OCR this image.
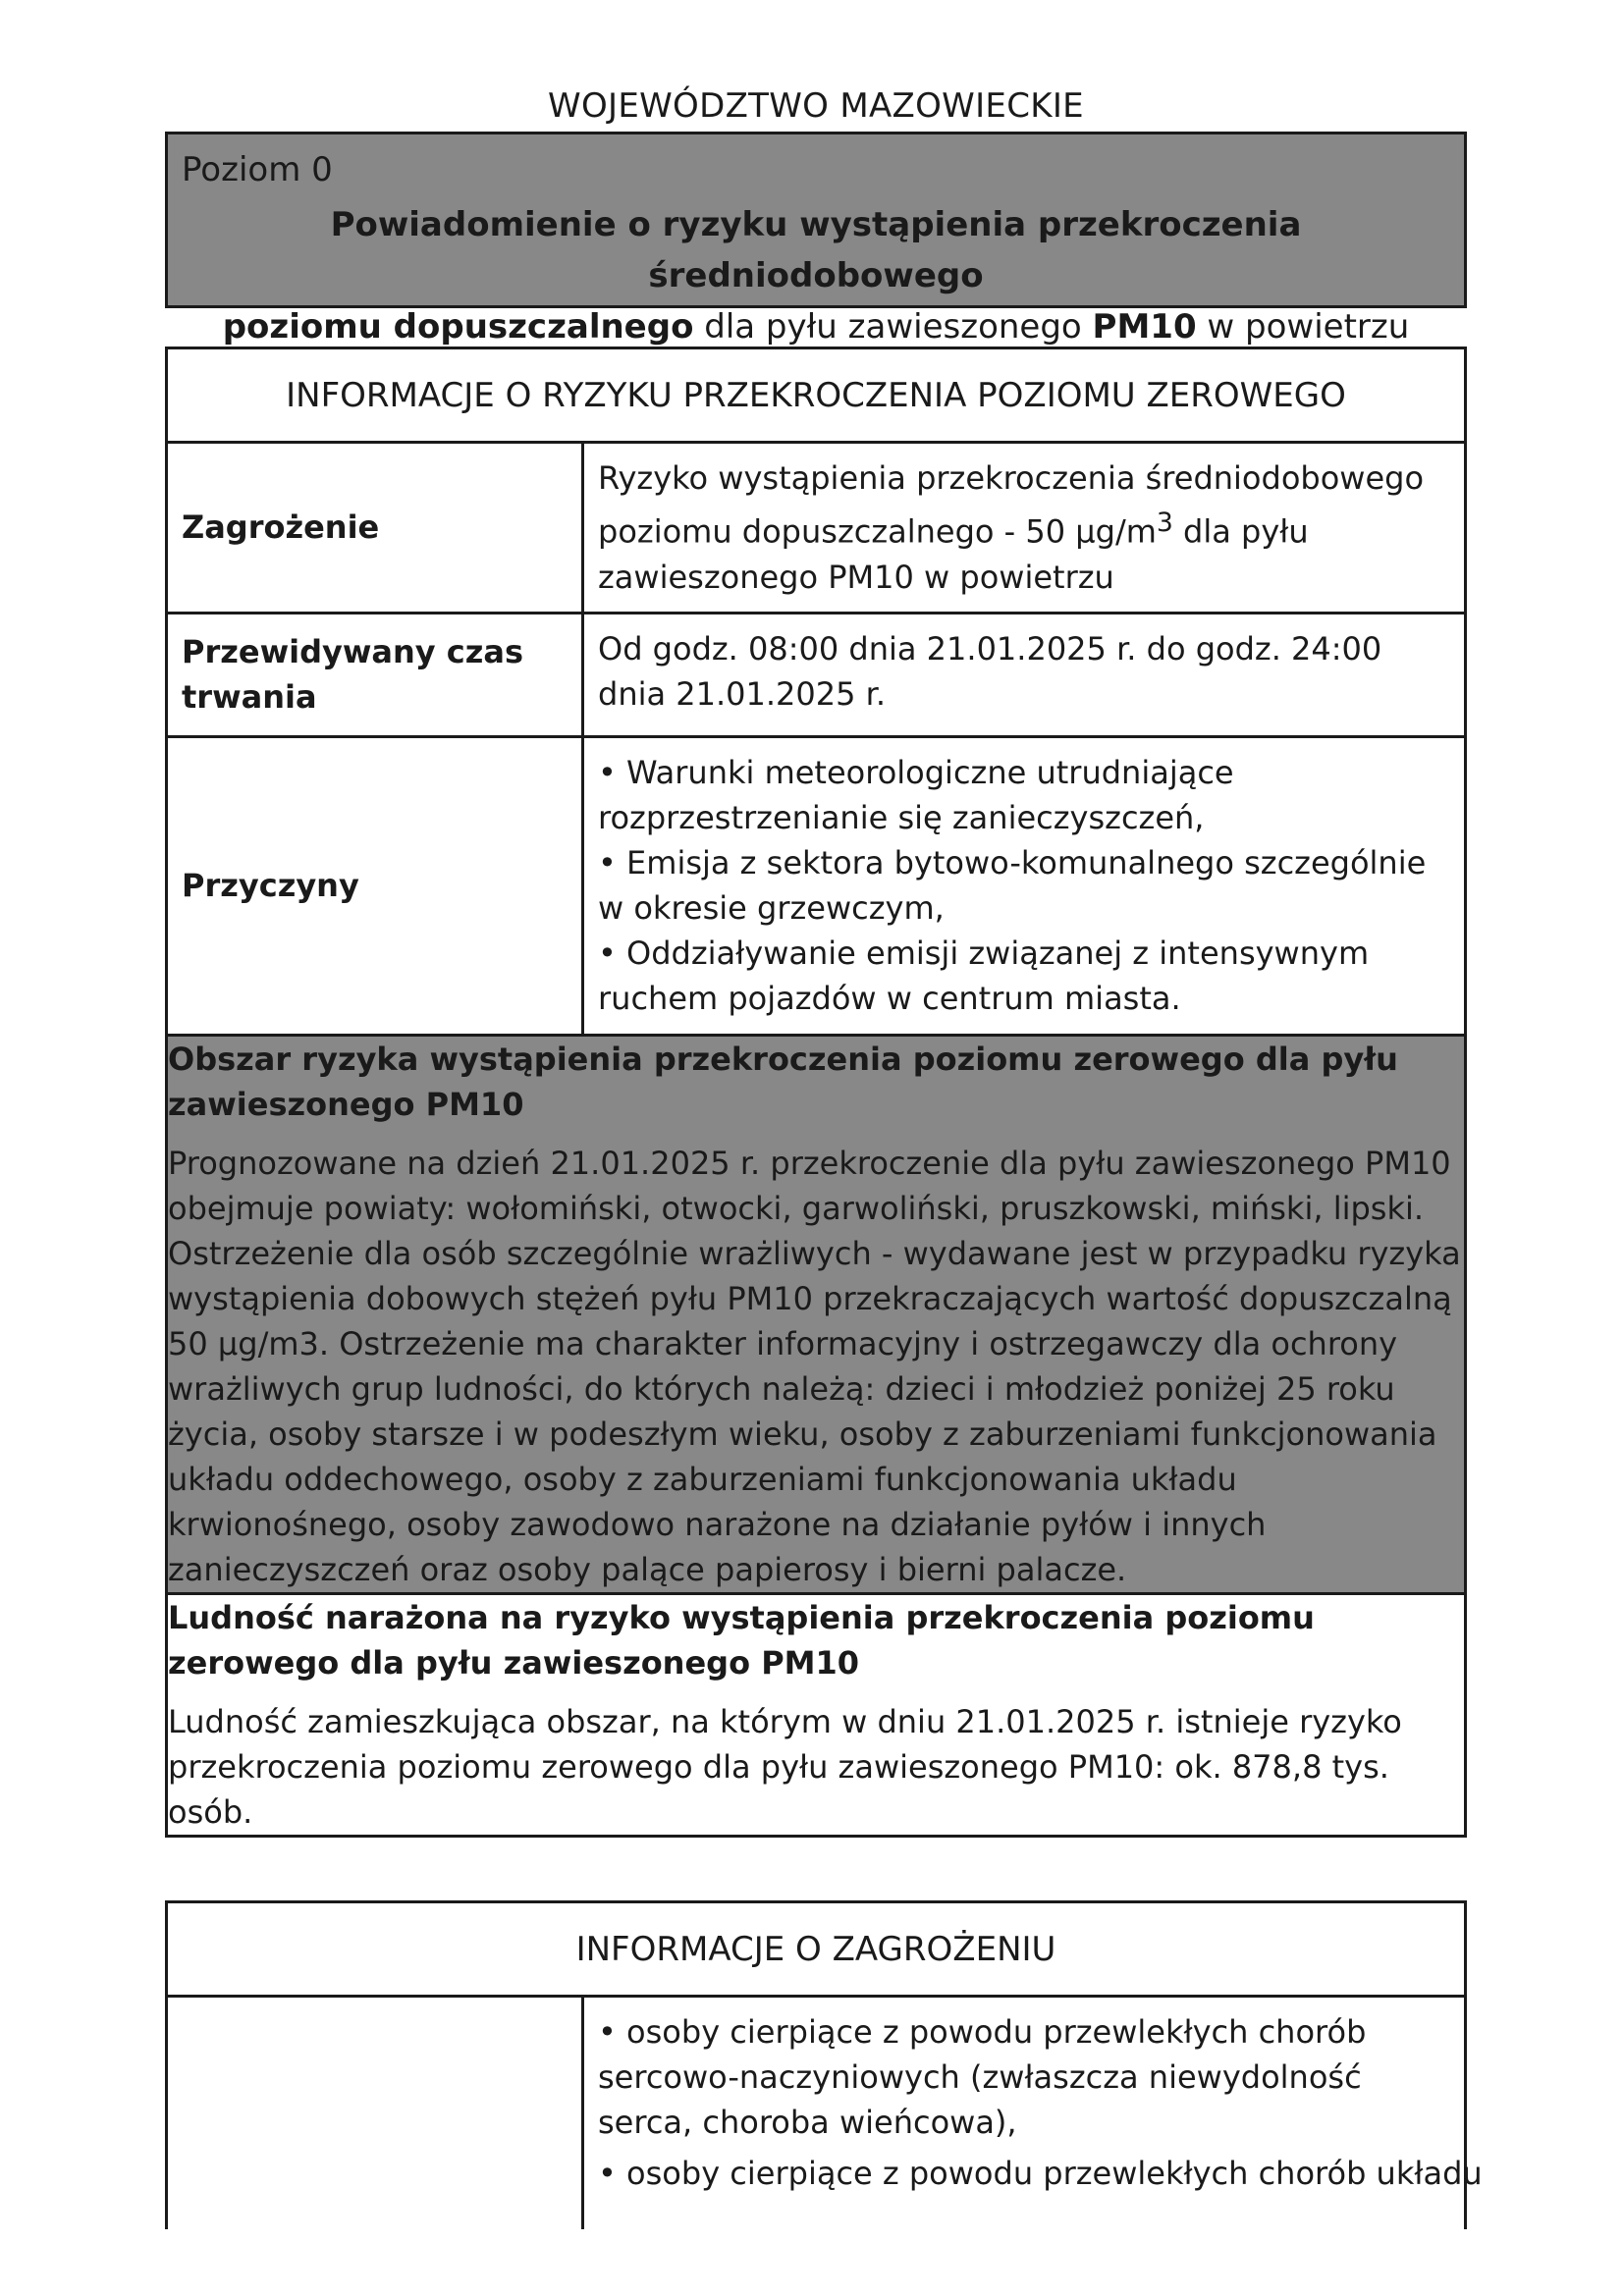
WOJEWÓDZTWO MAZOWIECKIE
Poziom 0
Powiadomienie o ryzyku wystąpienia przekroczenia średniodobowego
poziomu dopuszczalnego dla pyłu zawieszonego PM10 w powietrzu
INFORMACJE O RYZYKU PRZEKROCZENIA POZIOMU ZEROWEGO	
Zagrożenie	Ryzyko wystąpienia przekroczenia średniodobowego poziomu dopuszczalnego - 50 $\mu g/m^3$ dla pyłu zawieszonego PM10 w powietrzu
Przewidywany czas trwania	Od godz. 08:00 dnia 21.01.2025 r. do godz. 24:00 dnia 21.01.2025 r.
Przyczyny	• Warunki meteorologiczne utrudniające rozprzestrzenianie się zanieczyszczeń,
• Emisja z sektora bytowo-komunalnego szczególnie w okresie grzewczym,
• Oddziaływanie emisji związanej z intensywnym ruchem pojazdów w centrum miasta.

Obszar ryzyka wystąpienia przekroczenia poziomu zerowego dla pyłu zawieszonego PM10
Prognozowane na dzień 21.01.2025 r. przekroczenie dla pyłu zawieszonego PM10 obejmuje powiaty: wołomiński, otwocki, garwoliński, pruszkowski, miński, lipski. Ostrzeżenie dla osób szczególnie wrażliwych - wydawane jest w przypadku ryzyka wystąpienia dobowych stężeń pyłu PM10 przekraczających wartość dopuszczalną 50 µg/m3. Ostrzeżenie ma charakter informacyjny i ostrzegawczy dla ochrony wrażliwych grup ludności, do których należą: dzieci i młodzież poniżej 25 roku życia, osoby starsze i w podeszłym wieku, osoby z zaburzeniami funkcjonowania układu oddechowego, osoby z zaburzeniami funkcjonowania układu krwionośnego, osoby zawodowo narażone na działanie pyłów i innych zanieczyszczeń oraz osoby palące papierosy i bierni palacze.	

Ludność narażona na ryzyko wystąpienia przekroczenia poziomu zerowego dla pyłu zawieszonego PM10
Ludność zamieszkująca obszar, na którym w dniu 21.01.2025 r. istnieje ryzyko przekroczenia poziomu zerowego dla pyłu zawieszonego PM10: ok. 878,8 tys. osób.	
INFORMACJE O ZAGROŻENIU

• osoby cierpiące z powodu przewlekłych chorób sercowo-naczyniowych (zwłaszcza niewydolność serca, choroba wieńcowa),

• osoby cierpiące z powodu przewlekłych chorób układu
